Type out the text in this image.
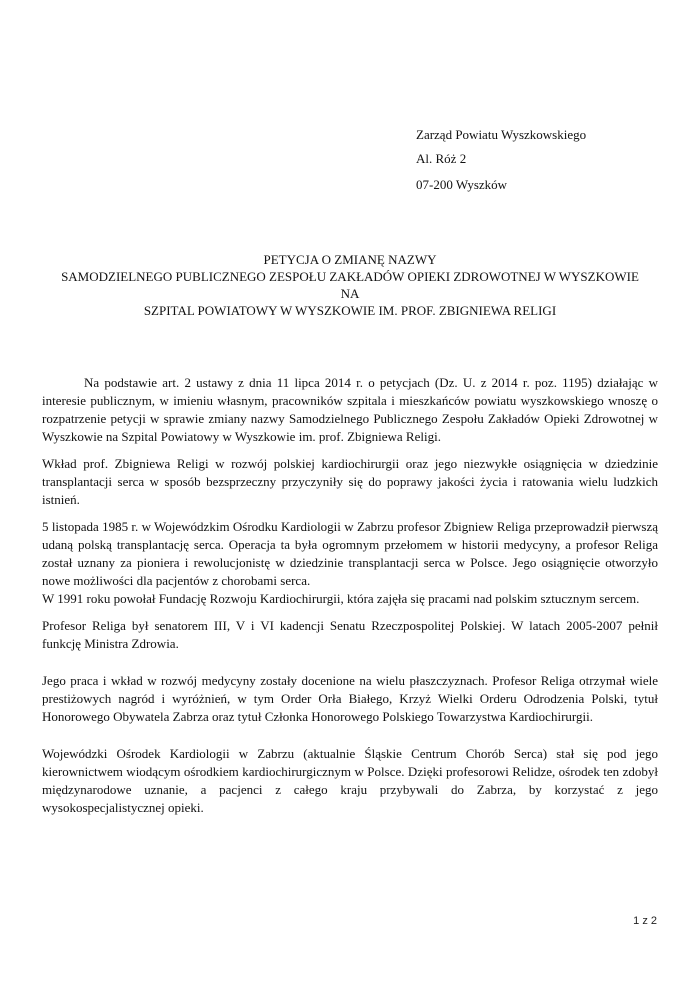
Zarząd Powiatu Wyszkowskiego
Al. Róż 2
07-200 Wyszków
PETYCJA O ZMIANĘ NAZWY
SAMODZIELNEGO PUBLICZNEGO ZESPOŁU ZAKŁADÓW OPIEKI ZDROWOTNEJ W WYSZKOWIE
NA
SZPITAL POWIATOWY W WYSZKOWIE IM. PROF. ZBIGNIEWA RELIGI

Na podstawie art. 2 ustawy z dnia 11 lipca 2014 r. o petycjach (Dz. U. z 2014 r. poz. 1195) działając w interesie publicznym, w imieniu własnym, pracowników szpitala i mieszkańców powiatu wyszkowskiego wnoszę o rozpatrzenie petycji w sprawie zmiany nazwy Samodzielnego Publicznego Zespołu Zakładów Opieki Zdrowotnej w Wyszkowie na Szpital Powiatowy w Wyszkowie im. prof. Zbigniewa Religi.

Wkład prof. Zbigniewa Religi w rozwój polskiej kardiochirurgii oraz jego niezwykłe osiągnięcia w dziedzinie transplantacji serca w sposób bezsprzeczny przyczyniły się do poprawy jakości życia i ratowania wielu ludzkich istnień.

5 listopada 1985 r. w Wojewódzkim Ośrodku Kardiologii w Zabrzu profesor Zbigniew Religa przeprowadził pierwszą udaną polską transplantację serca. Operacja ta była ogromnym przełomem w historii medycyny, a profesor Religa został uznany za pioniera i rewolucjonistę w dziedzinie transplantacji serca w Polsce. Jego osiągnięcie otworzyło nowe możliwości dla pacjentów z chorobami serca.

W 1991 roku powołał Fundację Rozwoju Kardiochirurgii, która zajęła się pracami nad polskim sztucznym sercem.

Profesor Religa był senatorem III, V i VI kadencji Senatu Rzeczpospolitej Polskiej. W latach 2005-2007 pełnił funkcję Ministra Zdrowia.

Jego praca i wkład w rozwój medycyny zostały docenione na wielu płaszczyznach. Profesor Religa otrzymał wiele prestiżowych nagród i wyróżnień, w tym Order Orła Białego, Krzyż Wielki Orderu Odrodzenia Polski, tytuł Honorowego Obywatela Zabrza oraz tytuł Członka Honorowego Polskiego Towarzystwa Kardiochirurgii.

Wojewódzki Ośrodek Kardiologii w Zabrzu (aktualnie Śląskie Centrum Chorób Serca) stał się pod jego kierownictwem wiodącym ośrodkiem kardiochirurgicznym w Polsce. Dzięki profesorowi Relidze, ośrodek ten zdobył międzynarodowe uznanie, a pacjenci z całego kraju przybywali do Zabrza, by korzystać z jego wysokospecjalistycznej opieki.

1 z 2
